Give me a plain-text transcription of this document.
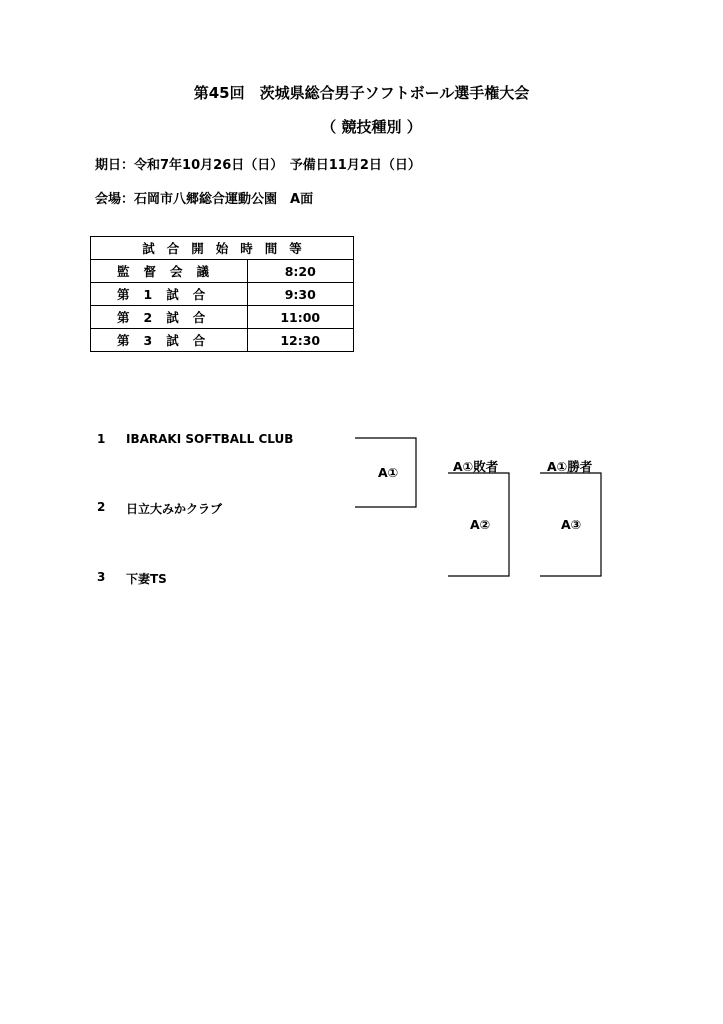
第45回　茨城県総合男子ソフトボール選手権大会
（ 競技種別 ）
期日：令和7年10月26日（日）　予備日11月2日（日）
会場：石岡市八郷総合運動公園　A面
試合開始時間等	
監督会議	8:20
第1試合	9:30
第2試合	11:00
第3試合	12:30
1 IBARAKI SOFTBALL CLUB
2 日立大みかクラブ
3 下妻TS
A①	A①敗者	A①勝者
A②	A③
